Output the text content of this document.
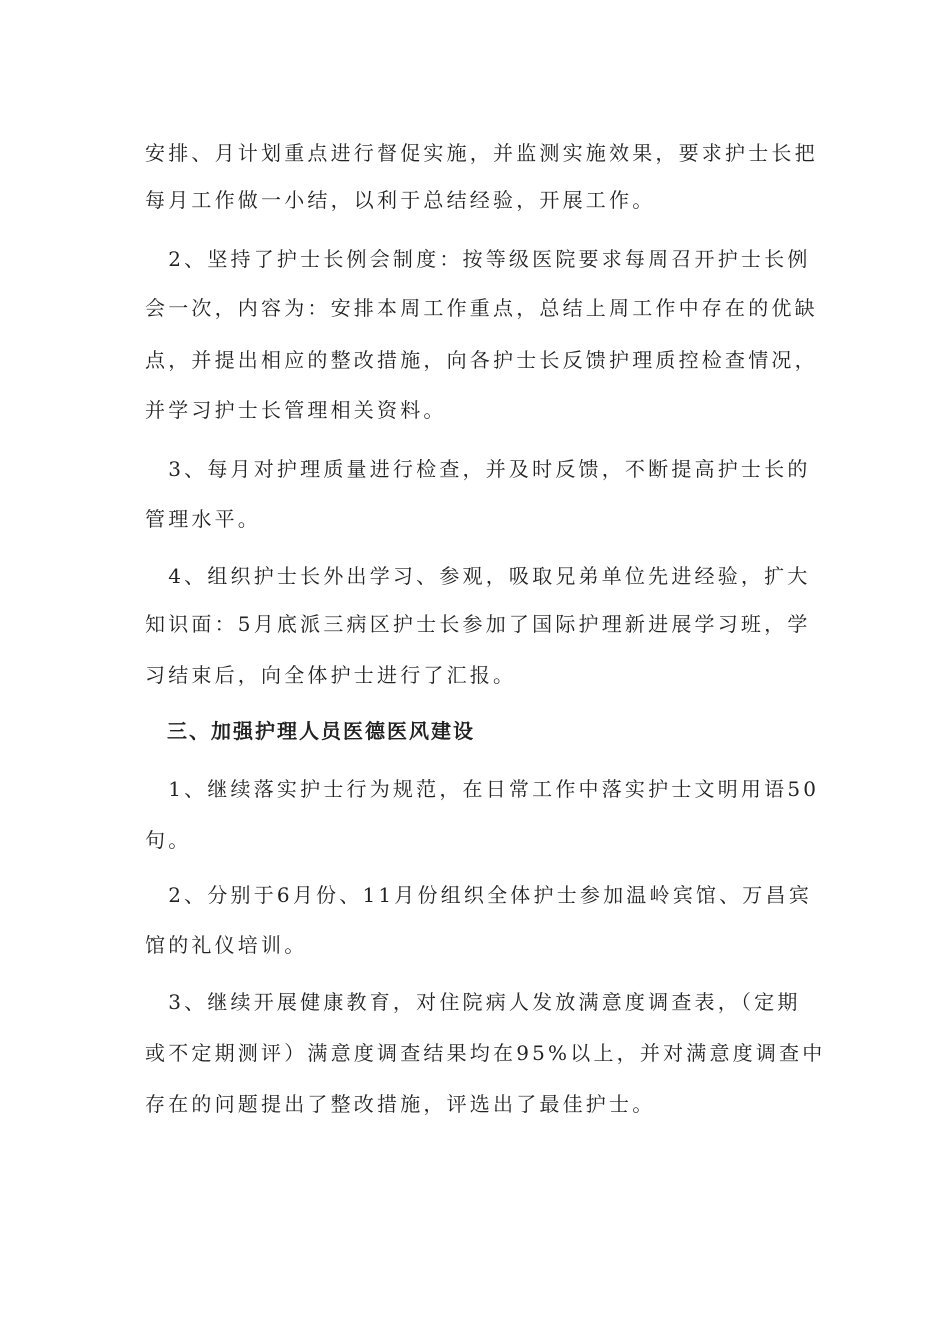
安排、月计划重点进行督促实施，并监测实施效果，要求护士长把
每月工作做一小结，以利于总结经验，开展工作。
　2、坚持了护士长例会制度：按等级医院要求每周召开护士长例
会一次，内容为：安排本周工作重点，总结上周工作中存在的优缺
点，并提出相应的整改措施，向各护士长反馈护理质控检查情况，
并学习护士长管理相关资料。
　3、每月对护理质量进行检查，并及时反馈，不断提高护士长的
管理水平。
　4、组织护士长外出学习、参观，吸取兄弟单位先进经验，扩大
知识面：5月底派三病区护士长参加了国际护理新进展学习班，学
习结束后，向全体护士进行了汇报。
　三、加强护理人员医德医风建设
　1、继续落实护士行为规范，在日常工作中落实护士文明用语50
句。
　2、分别于6月份、11月份组织全体护士参加温岭宾馆、万昌宾
馆的礼仪培训。
　3、继续开展健康教育，对住院病人发放满意度调查表，（定期
或不定期测评）满意度调查结果均在95%以上，并对满意度调查中
存在的问题提出了整改措施，评选出了最佳护士。
